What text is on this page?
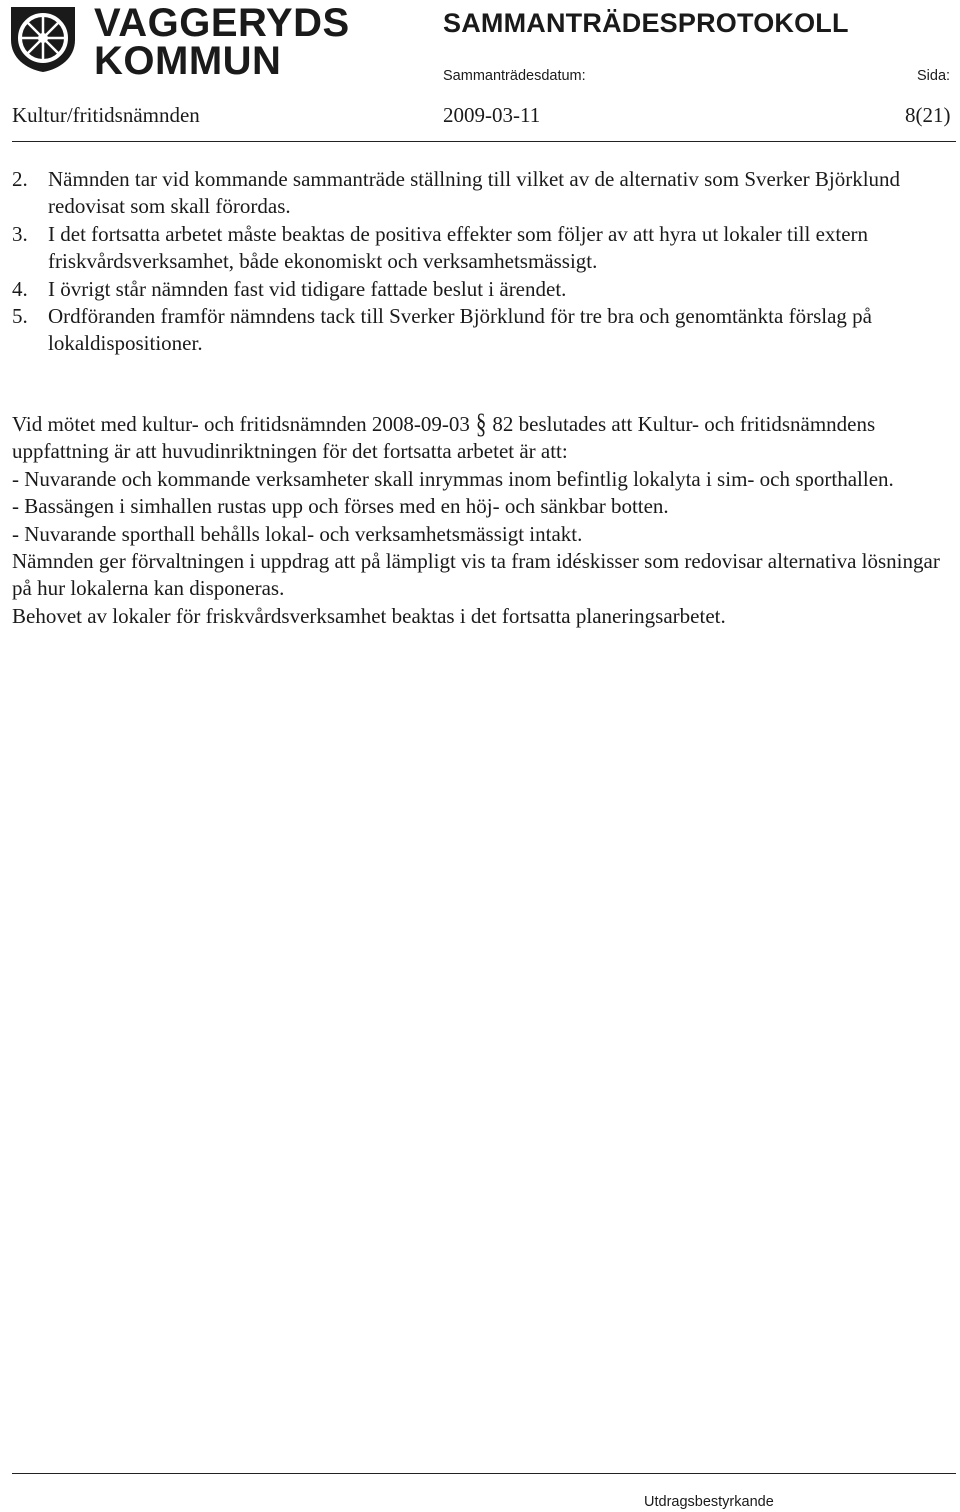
VAGGERYDS
KOMMUN
SAMMANTRÄDESPROTOKOLL
Sammanträdesdatum:	Sida:
Kultur/fritidsnämnden	2009-03-11	8(21)
2. Nämnden tar vid kommande sammanträde ställning till vilket av de alternativ som Sverker Björklund redovisat som skall förordas.
3. I det fortsatta arbetet måste beaktas de positiva effekter som följer av att hyra ut lokaler till extern friskvårdsverksamhet, både ekonomiskt och verksamhetsmässigt.
4. I övrigt står nämnden fast vid tidigare fattade beslut i ärendet.
5. Ordföranden framför nämndens tack till Sverker Björklund för tre bra och genomtänkta förslag på lokaldispositioner.

Vid mötet med kultur- och fritidsnämnden 2008-09-03 § 82 beslutades att Kultur- och fritidsnämndens uppfattning är att huvudinriktningen för det fortsatta arbetet är att:

- Nuvarande och kommande verksamheter skall inrymmas inom befintlig lokalyta i sim- och sporthallen.

- Bassängen i simhallen rustas upp och förses med en höj- och sänkbar botten.

- Nuvarande sporthall behålls lokal- och verksamhetsmässigt intakt.

Nämnden ger förvaltningen i uppdrag att på lämpligt vis ta fram idéskisser som redovisar alternativa lösningar på hur lokalerna kan disponeras.

Behovet av lokaler för friskvårdsverksamhet beaktas i det fortsatta planeringsarbetet.

Utdragsbestyrkande
